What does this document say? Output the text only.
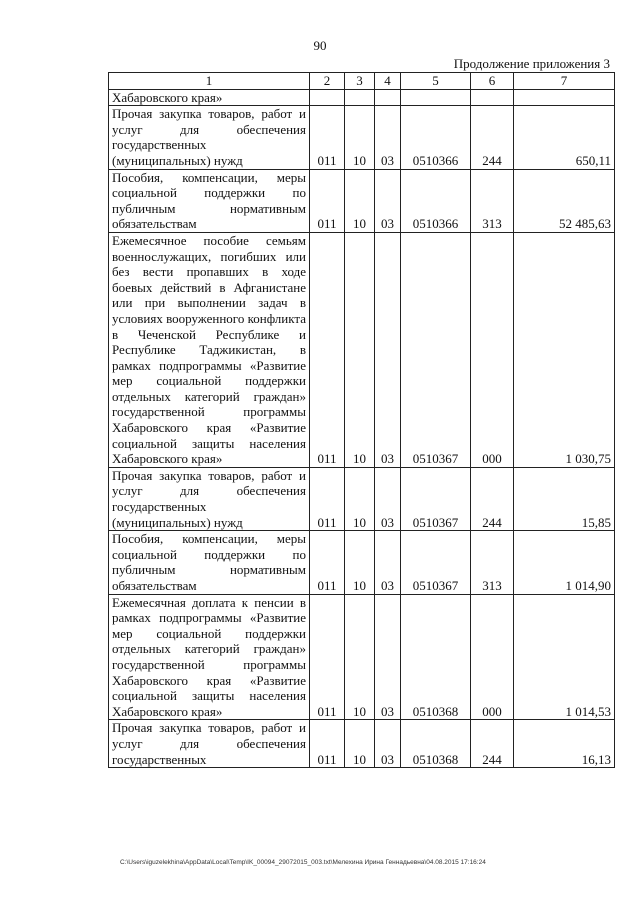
90
Продолжение приложения 3
1	2	3	4	5	6	7
Хабаровского края»						
Прочая закупка товаров, работ и услуг для обеспечения государственных (муниципальных) нужд	011	10	03	0510366	244	650,11
Пособия, компенсации, меры социальной поддержки по публичным нормативным обязательствам	011	10	03	0510366	313	52 485,63
Ежемесячное пособие семьям военнослужащих, погибших или без вести пропавших в ходе боевых действий в Афганистане или при выполнении задач в условиях вооруженного конфликта в Чеченской Республике и Республике Таджикистан, в рамках подпрограммы «Развитие мер социальной поддержки отдельных категорий граждан» государственной программы Хабаровского края «Развитие социальной защиты населения Хабаровского края»	011	10	03	0510367	000	1 030,75
Прочая закупка товаров, работ и услуг для обеспечения государственных (муниципальных) нужд	011	10	03	0510367	244	15,85
Пособия, компенсации, меры социальной поддержки по публичным нормативным обязательствам	011	10	03	0510367	313	1 014,90
Ежемесячная доплата к пенсии в рамках подпрограммы «Развитие мер социальной поддержки отдельных категорий граждан» государственной программы Хабаровского края «Развитие социальной защиты населения Хабаровского края»	011	10	03	0510368	000	1 014,53
Прочая закупка товаров, работ и услуг для обеспечения государственных	011	10	03	0510368	244	16,13
C:\Users\iguzelekhina\AppData\Local\Temp\IK_00094_29072015_003.txt\Мелехина Ирина Геннадьевна\04.08.2015 17:16:24
